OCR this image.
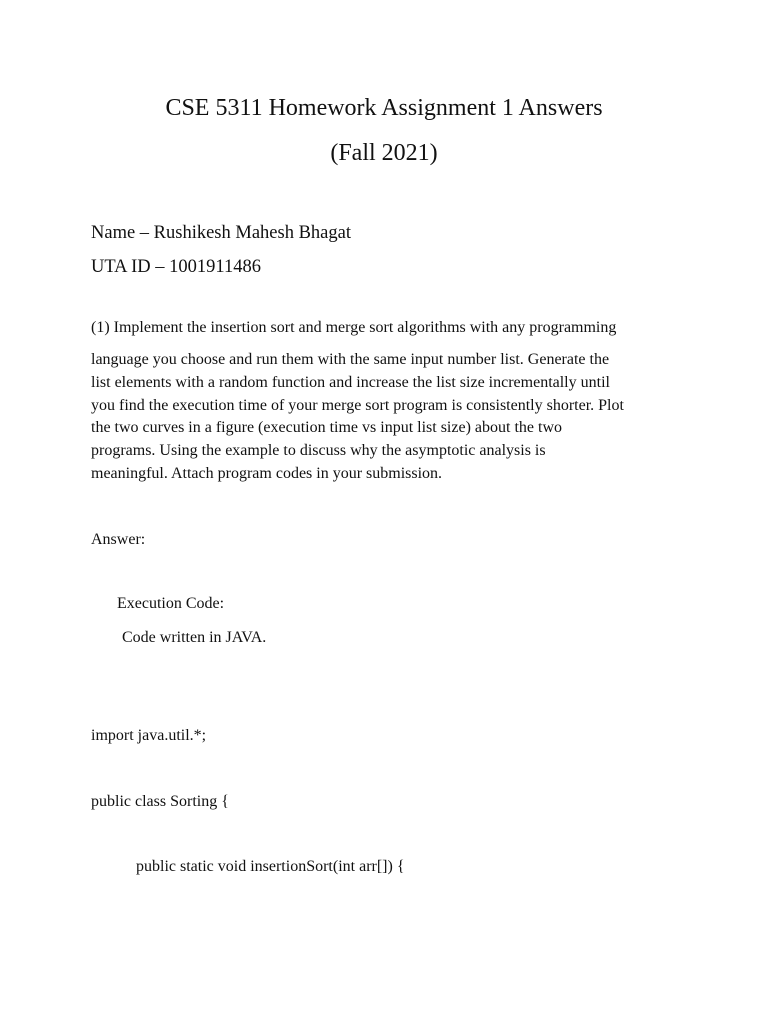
CSE 5311 Homework Assignment 1 Answers
(Fall 2021)
Name – Rushikesh Mahesh Bhagat
UTA ID – 1001911486
(1) Implement the insertion sort and merge sort algorithms with any programming
language you choose and run them with the same input number list. Generate the
list elements with a random function and increase the list size incrementally until
you find the execution time of your merge sort program is consistently shorter. Plot
the two curves in a figure (execution time vs input list size) about the two
programs. Using the example to discuss why the asymptotic analysis is
meaningful. Attach program codes in your submission.
Answer:
Execution Code:
Code written in JAVA.
import java.util.*;
public class Sorting {
public static void insertionSort(int arr[]) {
